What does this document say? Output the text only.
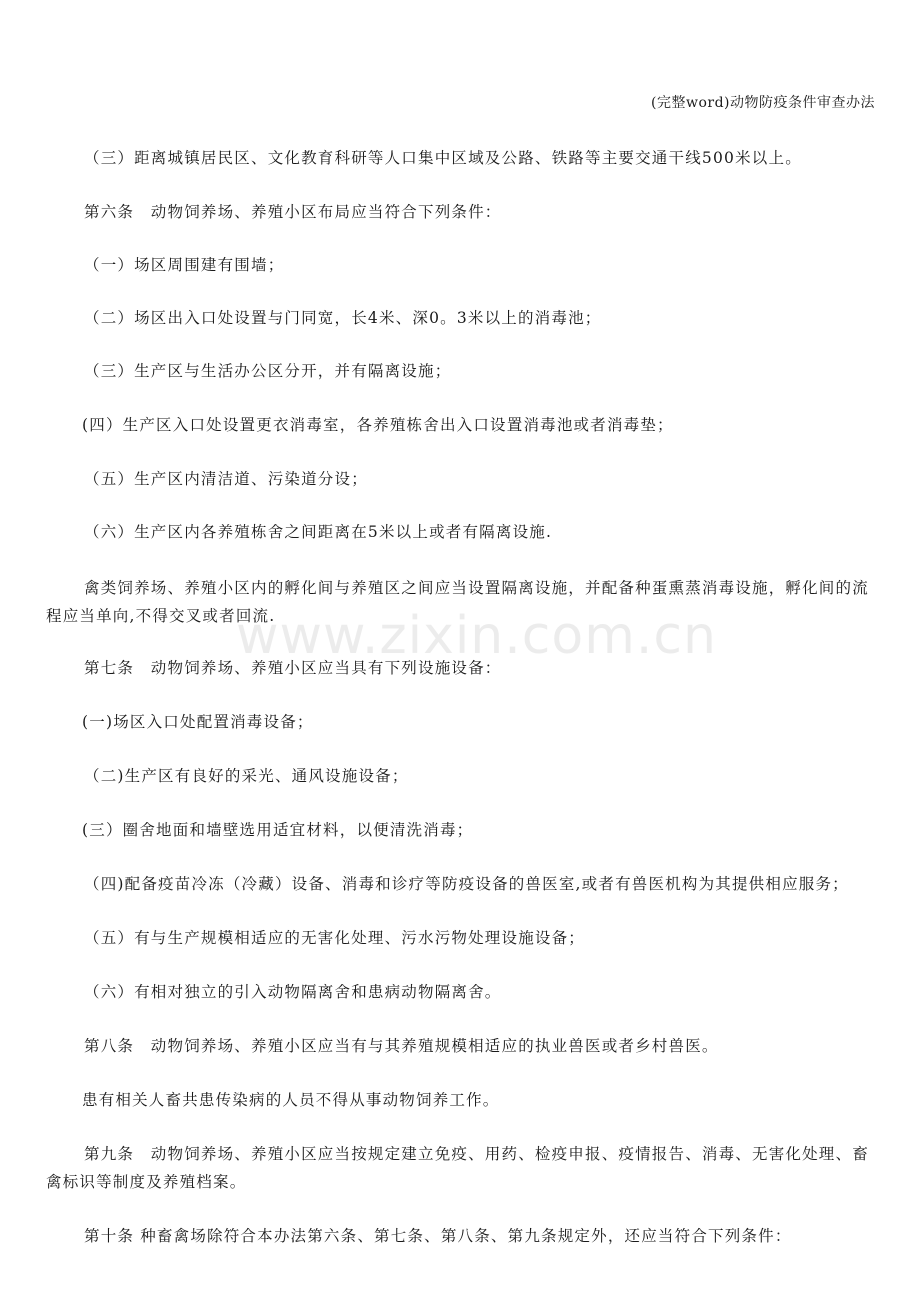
(完整word)动物防疫条件审查办法
www.zixin.com.cn

（三）距离城镇居民区、文化教育科研等人口集中区域及公路、铁路等主要交通干线500米以上。

第六条　动物饲养场、养殖小区布局应当符合下列条件：

（一）场区周围建有围墙；

（二）场区出入口处设置与门同宽，长4米、深0。3米以上的消毒池；

（三）生产区与生活办公区分开，并有隔离设施；

(四）生产区入口处设置更衣消毒室，各养殖栋舍出入口设置消毒池或者消毒垫；

（五）生产区内清洁道、污染道分设；

（六）生产区内各养殖栋舍之间距离在5米以上或者有隔离设施.

禽类饲养场、养殖小区内的孵化间与养殖区之间应当设置隔离设施，并配备种蛋熏蒸消毒设施，孵化间的流程应当单向,不得交叉或者回流.

第七条　动物饲养场、养殖小区应当具有下列设施设备：

(一)场区入口处配置消毒设备；

（二)生产区有良好的采光、通风设施设备；

(三）圈舍地面和墙壁选用适宜材料，以便清洗消毒；

（四)配备疫苗冷冻（冷藏）设备、消毒和诊疗等防疫设备的兽医室,或者有兽医机构为其提供相应服务；

（五）有与生产规模相适应的无害化处理、污水污物处理设施设备；

（六）有相对独立的引入动物隔离舍和患病动物隔离舍。

第八条　动物饲养场、养殖小区应当有与其养殖规模相适应的执业兽医或者乡村兽医。

患有相关人畜共患传染病的人员不得从事动物饲养工作。

第九条　动物饲养场、养殖小区应当按规定建立免疫、用药、检疫申报、疫情报告、消毒、无害化处理、畜禽标识等制度及养殖档案。

第十条 种畜禽场除符合本办法第六条、第七条、第八条、第九条规定外，还应当符合下列条件：
